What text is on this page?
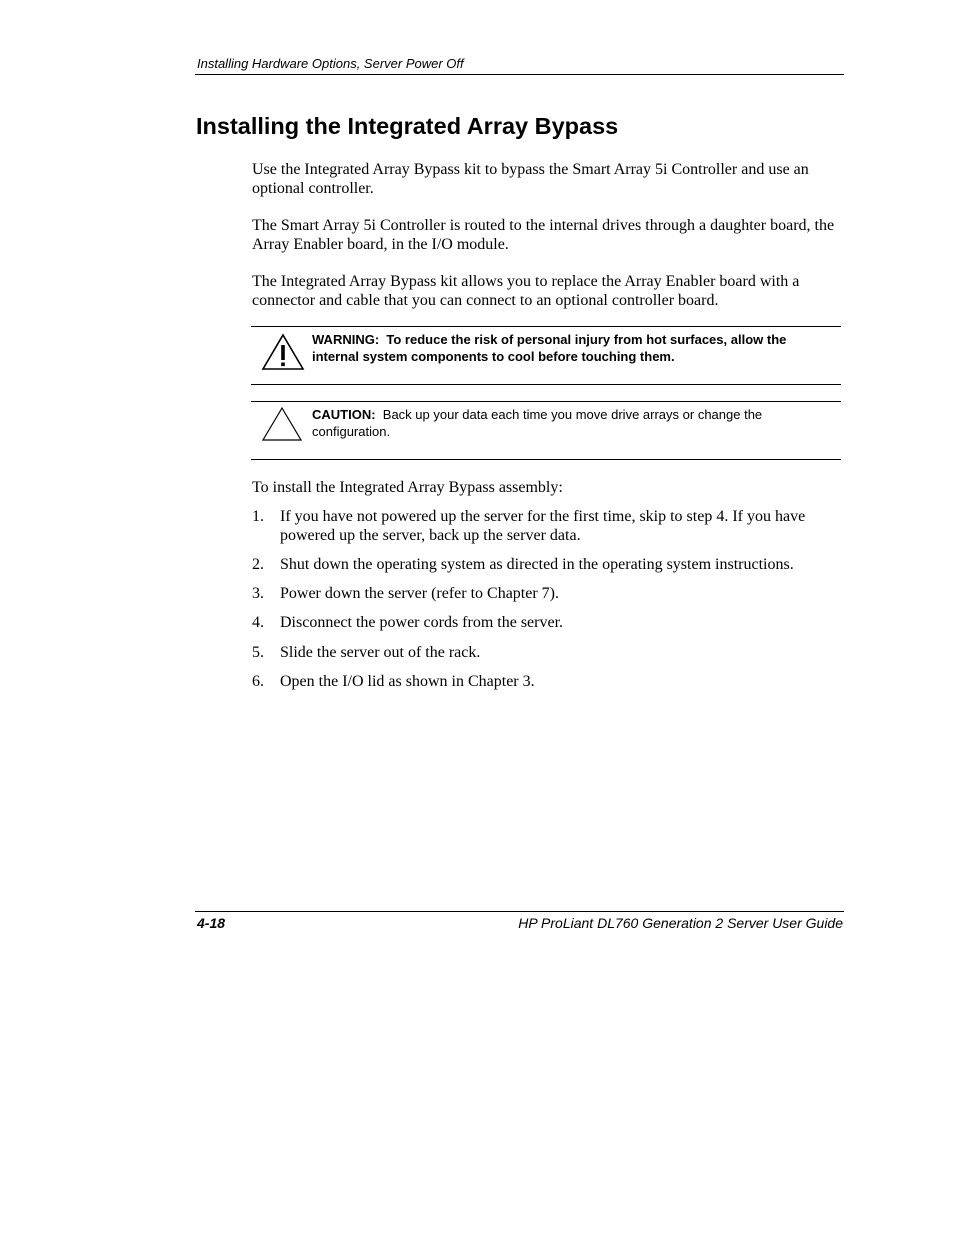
Installing Hardware Options, Server Power Off
Installing the Integrated Array Bypass

Use the Integrated Array Bypass kit to bypass the Smart Array 5i Controller and use an optional controller.

The Smart Array 5i Controller is routed to the internal drives through a daughter board, the Array Enabler board, in the I/O module.

The Integrated Array Bypass kit allows you to replace the Array Enabler board with a connector and cable that you can connect to an optional controller board.

WARNING: To reduce the risk of personal injury from hot surfaces, allow the internal system components to cool before touching them.
CAUTION: Back up your data each time you move drive arrays or change the configuration.

To install the Integrated Array Bypass assembly:

1. If you have not powered up the server for the first time, skip to step 4. If you have powered up the server, back up the server data.
2. Shut down the operating system as directed in the operating system instructions.
3. Power down the server (refer to Chapter 7).
4. Disconnect the power cords from the server.
5. Slide the server out of the rack.
6. Open the I/O lid as shown in Chapter 3.
4-18	HP ProLiant DL760 Generation 2 Server User Guide
